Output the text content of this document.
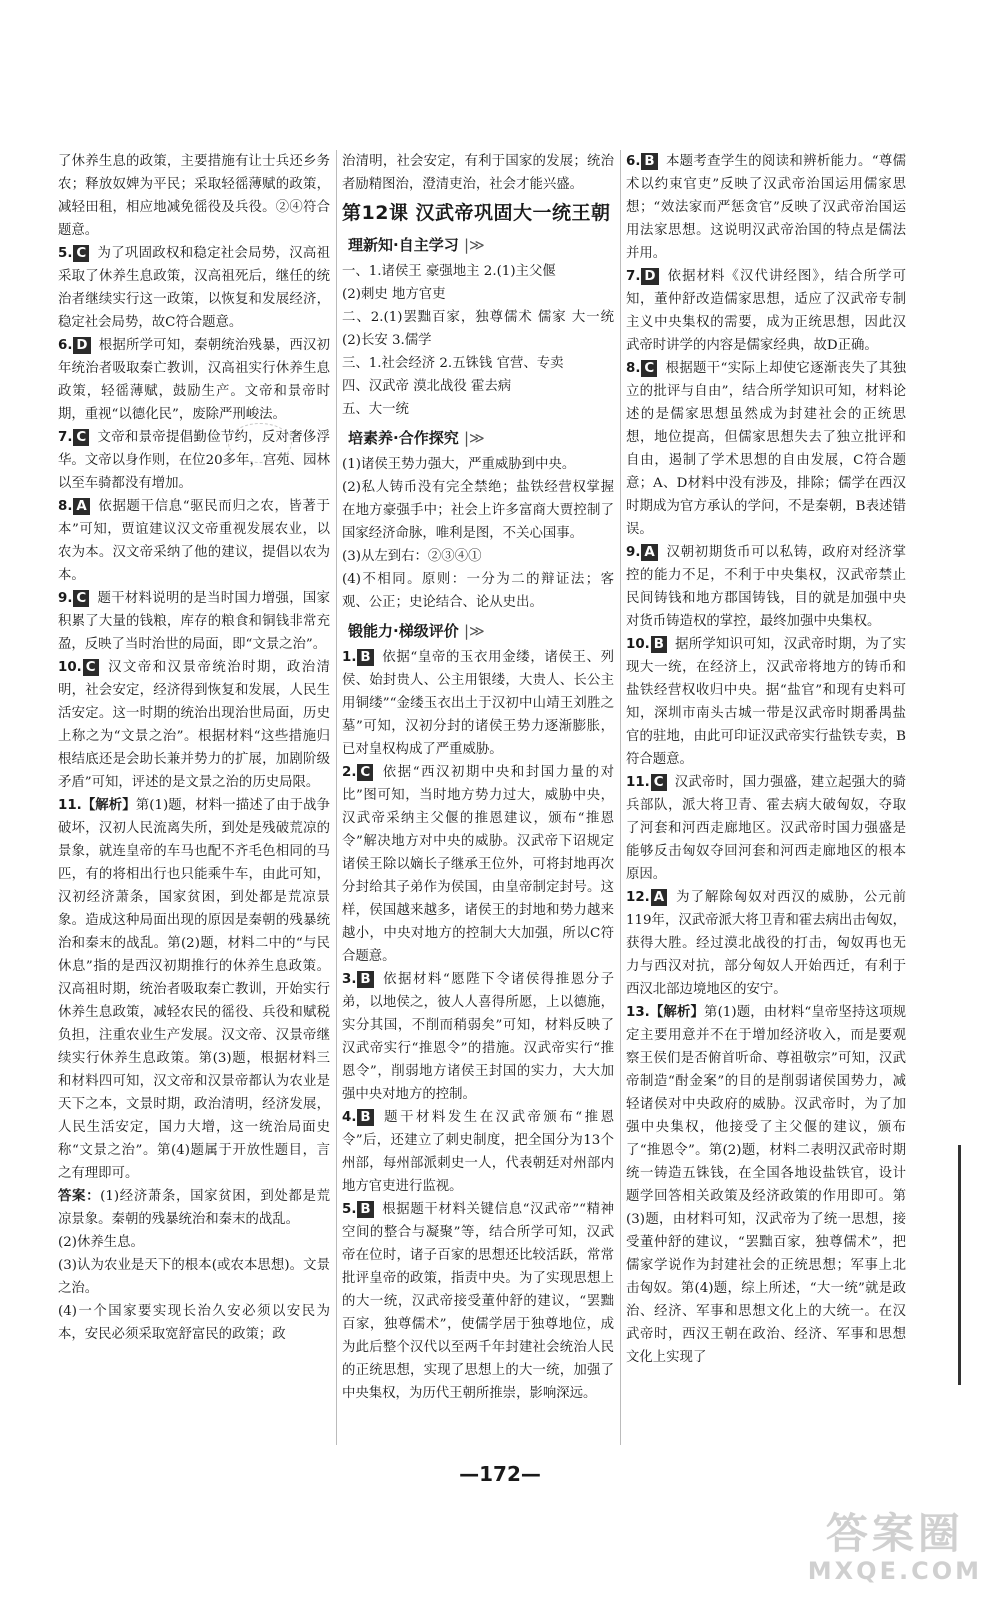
了休养生息的政策，主要措施有让士兵还乡务农；释放奴婢为平民；采取轻徭薄赋的政策，减轻田租，相应地减免徭役及兵役。②④符合题意。

5. C 为了巩固政权和稳定社会局势，汉高祖采取了休养生息政策，汉高祖死后，继任的统治者继续实行这一政策，以恢复和发展经济，稳定社会局势，故C符合题意。

6. D 根据所学可知，秦朝统治残暴，西汉初年统治者吸取秦亡教训，汉高祖实行休养生息政策，轻徭薄赋，鼓励生产。文帝和景帝时期，重视“以德化民”，废除严刑峻法。

7. C 文帝和景帝提倡勤俭节约，反对奢侈浮华。文帝以身作则，在位20多年，宫苑、园林以至车骑都没有增加。

8. A 依据题干信息“驱民而归之农，皆著于本”可知，贾谊建议汉文帝重视发展农业，以农为本。汉文帝采纳了他的建议，提倡以农为本。

9. C 题干材料说明的是当时国力增强，国家积累了大量的钱粮，库存的粮食和铜钱非常充盈，反映了当时治世的局面，即“文景之治”。

10. C 汉文帝和汉景帝统治时期，政治清明，社会安定，经济得到恢复和发展，人民生活安定。这一时期的统治出现治世局面，历史上称之为“文景之治”。根据材料“这些措施归根结底还是会助长兼并势力的扩展，加剧阶级矛盾”可知，评述的是文景之治的历史局限。

11.【解析】第(1)题，材料一描述了由于战争破坏，汉初人民流离失所，到处是残破荒凉的景象，就连皇帝的车马也配不齐毛色相同的马匹，有的将相出行也只能乘牛车，由此可知，汉初经济萧条，国家贫困，到处都是荒凉景象。造成这种局面出现的原因是秦朝的残暴统治和秦末的战乱。第(2)题，材料二中的“与民休息”指的是西汉初期推行的休养生息政策。汉高祖时期，统治者吸取秦亡教训，开始实行休养生息政策，减轻农民的徭役、兵役和赋税负担，注重农业生产发展。汉文帝、汉景帝继续实行休养生息政策。第(3)题，根据材料三和材料四可知，汉文帝和汉景帝都认为农业是天下之本，文景时期，政治清明，经济发展，人民生活安定，国力大增，这一统治局面史称“文景之治”。第(4)题属于开放性题目，言之有理即可。

答案：(1)经济萧条，国家贫困，到处都是荒凉景象。秦朝的残暴统治和秦末的战乱。

(2)休养生息。

(3)认为农业是天下的根本(或农本思想)。文景之治。

(4)一个国家要实现长治久安必须以安民为本，安民必须采取宽舒富民的政策；政

治清明，社会安定，有利于国家的发展；统治者励精图治，澄清吏治，社会才能兴盛。

第12课 汉武帝巩固大一统王朝
理新知·自主学习 |≫

一、1.诸侯王 豪强地主 2.(1)主父偃

(2)刺史 地方官吏

二、2.(1)罢黜百家，独尊儒术 儒家 大一统 (2)长安 3.儒学

三、1.社会经济 2.五铢钱 官营、专卖

四、汉武帝 漠北战役 霍去病

五、大一统

培素养·合作探究 |≫

(1)诸侯王势力强大，严重威胁到中央。

(2)私人铸币没有完全禁绝；盐铁经营权掌握在地方豪强手中；社会上许多富商大贾控制了国家经济命脉，唯利是图，不关心国事。

(3)从左到右：②③④①

(4)不相同。原则：一分为二的辩证法；客观、公正；史论结合、论从史出。

锻能力·梯级评价 |≫

1. B 依据“皇帝的玉衣用金缕，诸侯王、列侯、始封贵人、公主用银缕，大贵人、长公主用铜缕”“金缕玉衣出土于汉初中山靖王刘胜之墓”可知，汉初分封的诸侯王势力逐渐膨胀，已对皇权构成了严重威胁。

2. C 依据“西汉初期中央和封国力量的对比”图可知，当时地方势力过大，威胁中央，汉武帝采纳主父偃的推恩建议，颁布“推恩令”解决地方对中央的威胁。汉武帝下诏规定诸侯王除以嫡长子继承王位外，可将封地再次分封给其子弟作为侯国，由皇帝制定封号。这样，侯国越来越多，诸侯王的封地和势力越来越小，中央对地方的控制大大加强，所以C符合题意。

3. B 依据材料“愿陛下令诸侯得推恩分子弟，以地侯之，彼人人喜得所愿，上以德施，实分其国，不削而稍弱矣”可知，材料反映了汉武帝实行“推恩令”的措施。汉武帝实行“推恩令”，削弱地方诸侯王封国的实力，大大加强中央对地方的控制。

4. B 题干材料发生在汉武帝颁布“推恩令”后，还建立了刺史制度，把全国分为13个州部，每州部派刺史一人，代表朝廷对州部内地方官吏进行监视。

5. B 根据题干材料关键信息“汉武帝”“精神空间的整合与凝聚”等，结合所学可知，汉武帝在位时，诸子百家的思想还比较活跃，常常批评皇帝的政策，指责中央。为了实现思想上的大一统，汉武帝接受董仲舒的建议，“罢黜百家，独尊儒术”，使儒学居于独尊地位，成为此后整个汉代以至两千年封建社会统治人民的正统思想，实现了思想上的大一统，加强了中央集权，为历代王朝所推崇，影响深远。

6. B 本题考查学生的阅读和辨析能力。“尊儒术以约束官吏”反映了汉武帝治国运用儒家思想；“效法家而严惩贪官”反映了汉武帝治国运用法家思想。这说明汉武帝治国的特点是儒法并用。

7. D 依据材料《汉代讲经图》，结合所学可知，董仲舒改造儒家思想，适应了汉武帝专制主义中央集权的需要，成为正统思想，因此汉武帝时讲学的内容是儒家经典，故D正确。

8. C 根据题干“实际上却使它逐渐丧失了其独立的批评与自由”，结合所学知识可知，材料论述的是儒家思想虽然成为封建社会的正统思想，地位提高，但儒家思想失去了独立批评和自由，遏制了学术思想的自由发展，C符合题意；A、D材料中没有涉及，排除；儒学在西汉时期成为官方承认的学问，不是秦朝，B表述错误。

9. A 汉朝初期货币可以私铸，政府对经济掌控的能力不足，不利于中央集权，汉武帝禁止民间铸钱和地方郡国铸钱，目的就是加强中央对货币铸造权的掌控，最终加强中央集权。

10. B 据所学知识可知，汉武帝时期，为了实现大一统，在经济上，汉武帝将地方的铸币和盐铁经营权收归中央。据“盐官”和现有史料可知，深圳市南头古城一带是汉武帝时期番禺盐官的驻地，由此可印证汉武帝实行盐铁专卖，B符合题意。

11. C 汉武帝时，国力强盛，建立起强大的骑兵部队，派大将卫青、霍去病大破匈奴，夺取了河套和河西走廊地区。汉武帝时国力强盛是能够反击匈奴夺回河套和河西走廊地区的根本原因。

12. A 为了解除匈奴对西汉的威胁，公元前119年，汉武帝派大将卫青和霍去病出击匈奴，获得大胜。经过漠北战役的打击，匈奴再也无力与西汉对抗，部分匈奴人开始西迁，有利于西汉北部边境地区的安宁。

13.【解析】第(1)题，由材料“皇帝坚持这项规定主要用意并不在于增加经济收入，而是要观察王侯们是否俯首听命、尊祖敬宗”可知，汉武帝制造“酎金案”的目的是削弱诸侯国势力，减轻诸侯对中央政府的威胁。汉武帝时，为了加强中央集权，他接受了主父偃的建议，颁布了“推恩令”。第(2)题，材料二表明汉武帝时期统一铸造五铢钱，在全国各地设盐铁官，设计题学回答相关政策及经济政策的作用即可。第(3)题，由材料可知，汉武帝为了统一思想，接受董仲舒的建议，“罢黜百家，独尊儒术”，把儒家学说作为封建社会的正统思想；军事上北击匈奴。第(4)题，综上所述，“大一统”就是政治、经济、军事和思想文化上的大统一。在汉武帝时，西汉王朝在政治、经济、军事和思想文化上实现了

—172—
答案圈
MXQE.COM
